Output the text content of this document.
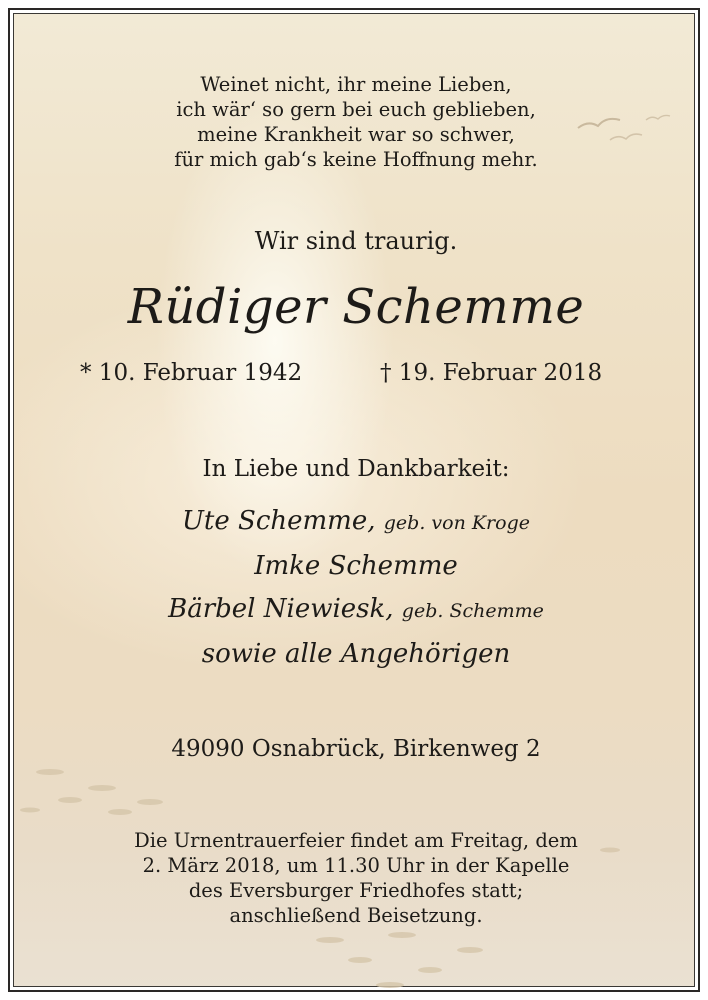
Weinet nicht, ihr meine Lieben,
ich wär‘ so gern bei euch geblieben,
meine Krankheit war so schwer,
für mich gab‘s keine Hoffnung mehr.
Wir sind traurig.
Rüdiger Schemme
* 10. Februar 1942	† 19. Februar 2018
In Liebe und Dankbarkeit:
Ute Schemme, geb. von Kroge
Imke Schemme
Bärbel Niewiesk, geb. Schemme
sowie alle Angehörigen
49090 Osnabrück, Birkenweg 2
Die Urnentrauerfeier findet am Freitag, dem
2. März 2018, um 11.30 Uhr in der Kapelle
des Eversburger Friedhofes statt;
anschließend Beisetzung.
